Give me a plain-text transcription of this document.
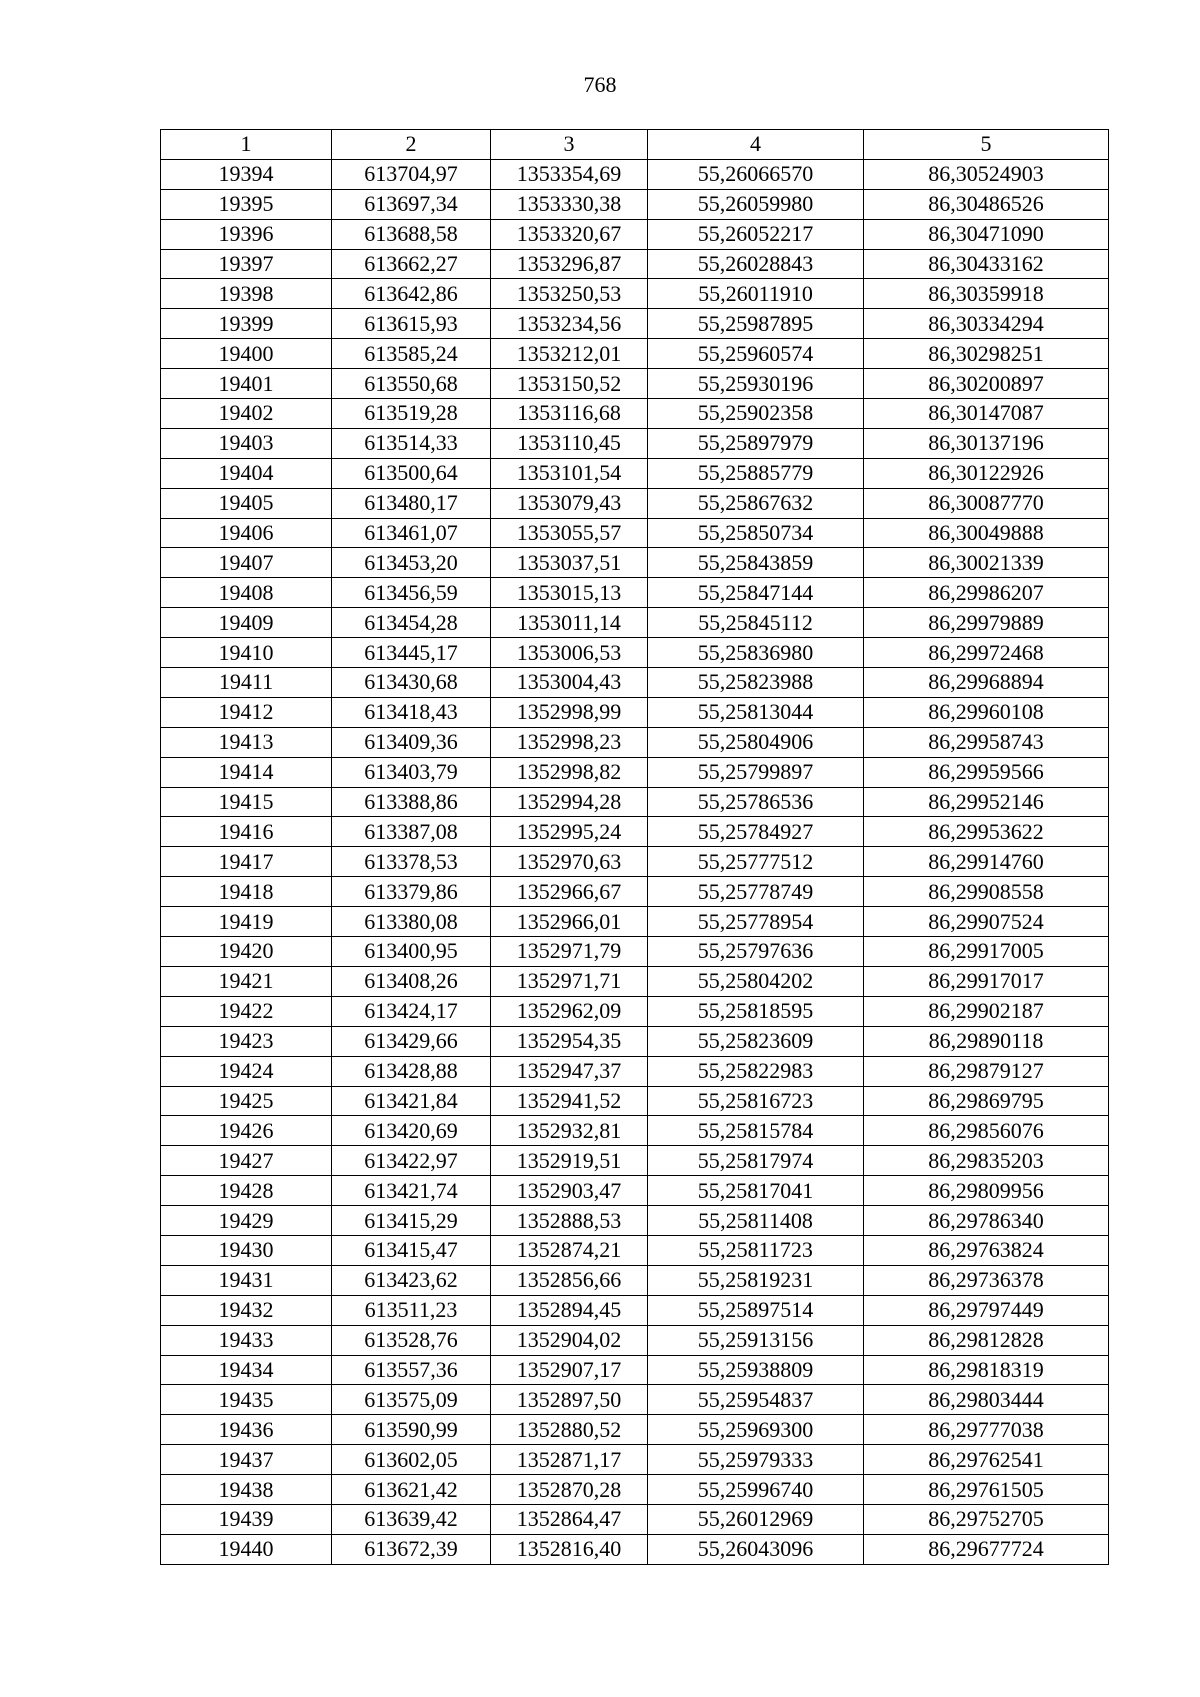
768
1	2	3	4	5
19394	613704,97	1353354,69	55,26066570	86,30524903
19395	613697,34	1353330,38	55,26059980	86,30486526
19396	613688,58	1353320,67	55,26052217	86,30471090
19397	613662,27	1353296,87	55,26028843	86,30433162
19398	613642,86	1353250,53	55,26011910	86,30359918
19399	613615,93	1353234,56	55,25987895	86,30334294
19400	613585,24	1353212,01	55,25960574	86,30298251
19401	613550,68	1353150,52	55,25930196	86,30200897
19402	613519,28	1353116,68	55,25902358	86,30147087
19403	613514,33	1353110,45	55,25897979	86,30137196
19404	613500,64	1353101,54	55,25885779	86,30122926
19405	613480,17	1353079,43	55,25867632	86,30087770
19406	613461,07	1353055,57	55,25850734	86,30049888
19407	613453,20	1353037,51	55,25843859	86,30021339
19408	613456,59	1353015,13	55,25847144	86,29986207
19409	613454,28	1353011,14	55,25845112	86,29979889
19410	613445,17	1353006,53	55,25836980	86,29972468
19411	613430,68	1353004,43	55,25823988	86,29968894
19412	613418,43	1352998,99	55,25813044	86,29960108
19413	613409,36	1352998,23	55,25804906	86,29958743
19414	613403,79	1352998,82	55,25799897	86,29959566
19415	613388,86	1352994,28	55,25786536	86,29952146
19416	613387,08	1352995,24	55,25784927	86,29953622
19417	613378,53	1352970,63	55,25777512	86,29914760
19418	613379,86	1352966,67	55,25778749	86,29908558
19419	613380,08	1352966,01	55,25778954	86,29907524
19420	613400,95	1352971,79	55,25797636	86,29917005
19421	613408,26	1352971,71	55,25804202	86,29917017
19422	613424,17	1352962,09	55,25818595	86,29902187
19423	613429,66	1352954,35	55,25823609	86,29890118
19424	613428,88	1352947,37	55,25822983	86,29879127
19425	613421,84	1352941,52	55,25816723	86,29869795
19426	613420,69	1352932,81	55,25815784	86,29856076
19427	613422,97	1352919,51	55,25817974	86,29835203
19428	613421,74	1352903,47	55,25817041	86,29809956
19429	613415,29	1352888,53	55,25811408	86,29786340
19430	613415,47	1352874,21	55,25811723	86,29763824
19431	613423,62	1352856,66	55,25819231	86,29736378
19432	613511,23	1352894,45	55,25897514	86,29797449
19433	613528,76	1352904,02	55,25913156	86,29812828
19434	613557,36	1352907,17	55,25938809	86,29818319
19435	613575,09	1352897,50	55,25954837	86,29803444
19436	613590,99	1352880,52	55,25969300	86,29777038
19437	613602,05	1352871,17	55,25979333	86,29762541
19438	613621,42	1352870,28	55,25996740	86,29761505
19439	613639,42	1352864,47	55,26012969	86,29752705
19440	613672,39	1352816,40	55,26043096	86,29677724
